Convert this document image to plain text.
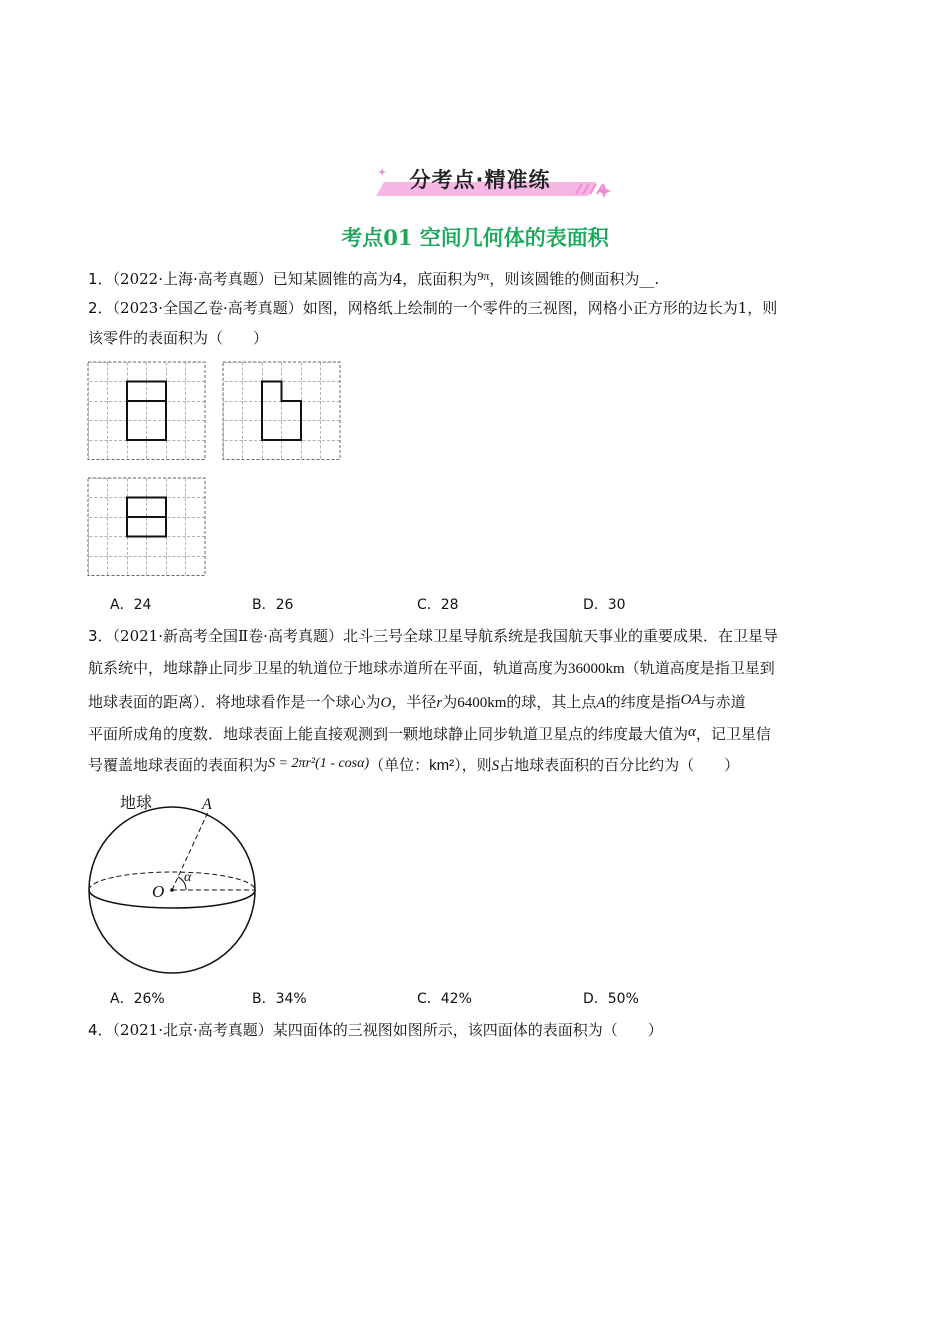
分考点·精准练
考点01 空间几何体的表面积
1．（2022·上海·高考真题）已知某圆锥的高为4，底面积为$^{9\pi}$，则该圆锥的侧面积为__.
2．（2023·全国乙卷·高考真题）如图，网格纸上绘制的一个零件的三视图，网格小正方形的边长为1，则
该零件的表面积为（　　）
A．24	B．26	C．28	D．30
3．（2021·新高考全国Ⅱ卷·高考真题）北斗三号全球卫星导航系统是我国航天事业的重要成果．在卫星导
航系统中，地球静止同步卫星的轨道位于地球赤道所在平面，轨道高度为36000km（轨道高度是指卫星到
地球表面的距离）．将地球看作是一个球心为O，半径r为6400km的球，其上点A的纬度是指OA与赤道
平面所成角的度数．地球表面上能直接观测到一颗地球静止同步轨道卫星点的纬度最大值为α，记卫星信
号覆盖地球表面的表面积为S = 2πr²(1 - cosα)（单位：km²），则S占地球表面积的百分比约为（　　）
地球	A
O
α
A．26%	B．34%	C．42%	D．50%
4．（2021·北京·高考真题）某四面体的三视图如图所示，该四面体的表面积为（　　）
